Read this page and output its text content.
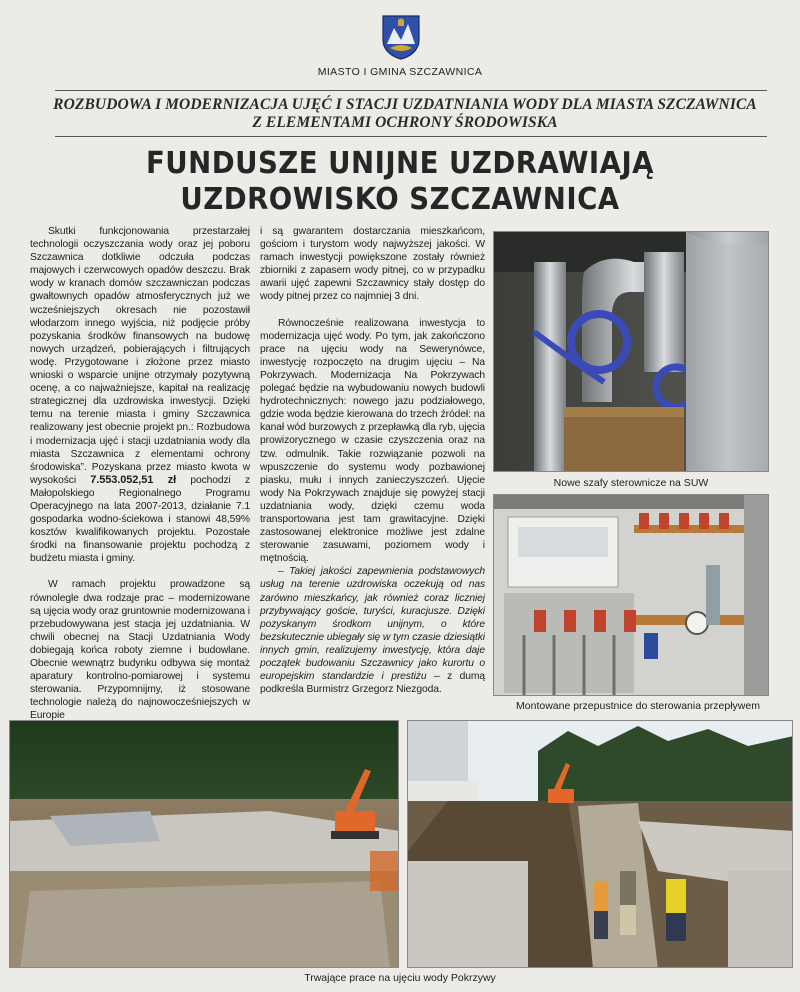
MIASTO I GMINA SZCZAWNICA
ROZBUDOWA I MODERNIZACJA UJĘĆ I STACJI UZDATNIANIA WODY DLA MIASTA SZCZAWNICA
Z ELEMENTAMI OCHRONY ŚRODOWISKA
FUNDUSZE UNIJNE UZDRAWIAJĄ
UZDROWISKO SZCZAWNICA

Skutki funkcjonowania przestarzałej technologii oczyszczania wody oraz jej poboru Szczawnica dotkliwie odczuła podczas majowych i czerwcowych opadów deszczu. Brak wody w kranach domów szczawniczan podczas gwałtownych opadów atmosferycznych już we wcześniejszych okresach nie pozostawił włodarzom innego wyjścia, niż podjęcie próby pozyskania środków finansowych na budowę nowych urządzeń, pobierających i filtrujących wodę. Przygotowane i złożone przez miasto wnioski o wsparcie unijne otrzymały pozytywną ocenę, a co najważniejsze, kapitał na realizację strategicznej dla uzdrowiska inwestycji. Dzięki temu na terenie miasta i gminy Szczawnica realizowany jest obecnie projekt pn.: Rozbudowa i modernizacja ujęć i stacji uzdatniania wody dla miasta Szczawnica z elementami ochrony środowiska”. Pozyskana przez miasto kwota w wysokości 7.553.052,51 zł pochodzi z Małopolskiego Regionalnego Programu Operacyjnego na lata 2007-2013, działanie 7.1 gospodarka wodno-ściekowa i stanowi 48,59% kosztów kwalifikowanych projektu. Pozostałe środki na finansowanie projektu pochodzą z budżetu miasta i gminy.

W ramach projektu prowadzone są równolegle dwa rodzaje prac – modernizowane są ujęcia wody oraz gruntownie modernizowana i przebudowywana jest stacja jej uzdatniania. W chwili obecnej na Stacji Uzdatniania Wody dobiegają końca roboty ziemne i budowlane. Obecnie wewnątrz budynku odbywa się montaż aparatury kontrolno-pomiarowej i systemu sterowania. Przypomnijmy, iż stosowane technologie należą do najnowocześniejszych w Europie

i są gwarantem dostarczania mieszkańcom, gościom i turystom wody najwyższej jakości. W ramach inwestycji powiększone zostały również zbiorniki z zapasem wody pitnej, co w przypadku awarii ujęć zapewni Szczawnicy stały dostęp do wody pitnej przez co najmniej 3 dni.

Równocześnie realizowana inwestycja to modernizacja ujęć wody. Po tym, jak zakończono prace na ujęciu wody na Sewerynówce, inwestycję rozpoczęto na drugim ujęciu – Na Pokrzywach. Modernizacja Na Pokrzywach polegać będzie na wybudowaniu nowych budowli hydrotechnicznych: nowego jazu podziałowego, gdzie woda będzie kierowana do trzech źródeł: na kanał wód burzowych z przepławką dla ryb, ujęcia prowizorycznego w czasie czyszczenia oraz na tzw. odmulnik. Takie rozwiązanie pozwoli na wpuszczenie do systemu wody pozbawionej piasku, mułu i innych zanieczyszczeń. Ujęcie wody Na Pokrzywach znajduje się powyżej stacji uzdatniania wody, dzięki czemu woda transportowana jest tam grawitacyjne. Dzięki zastosowanej elektronice możliwe jest zdalne sterowanie zasuwami, poziomem wody i mętnością.

– Takiej jakości zapewnienia podstawowych usług na terenie uzdrowiska oczekują od nas zarówno mieszkańcy, jak również coraz liczniej przybywający goście, turyści, kuracjusze. Dzięki pozyskanym środkom unijnym, o które bezskutecznie ubiegały się w tym czasie dziesiątki innych gmin, realizujemy inwestycję, która daje początek budowaniu Szczawnicy jako kurortu o europejskim standardzie i prestiżu – z dumą podkreśla Burmistrz Grzegorz Niezgoda.

Nowe szafy sterownicze na SUW
Montowane przepustnice do sterowania przepływem
Trwające prace na ujęciu wody Pokrzywy
